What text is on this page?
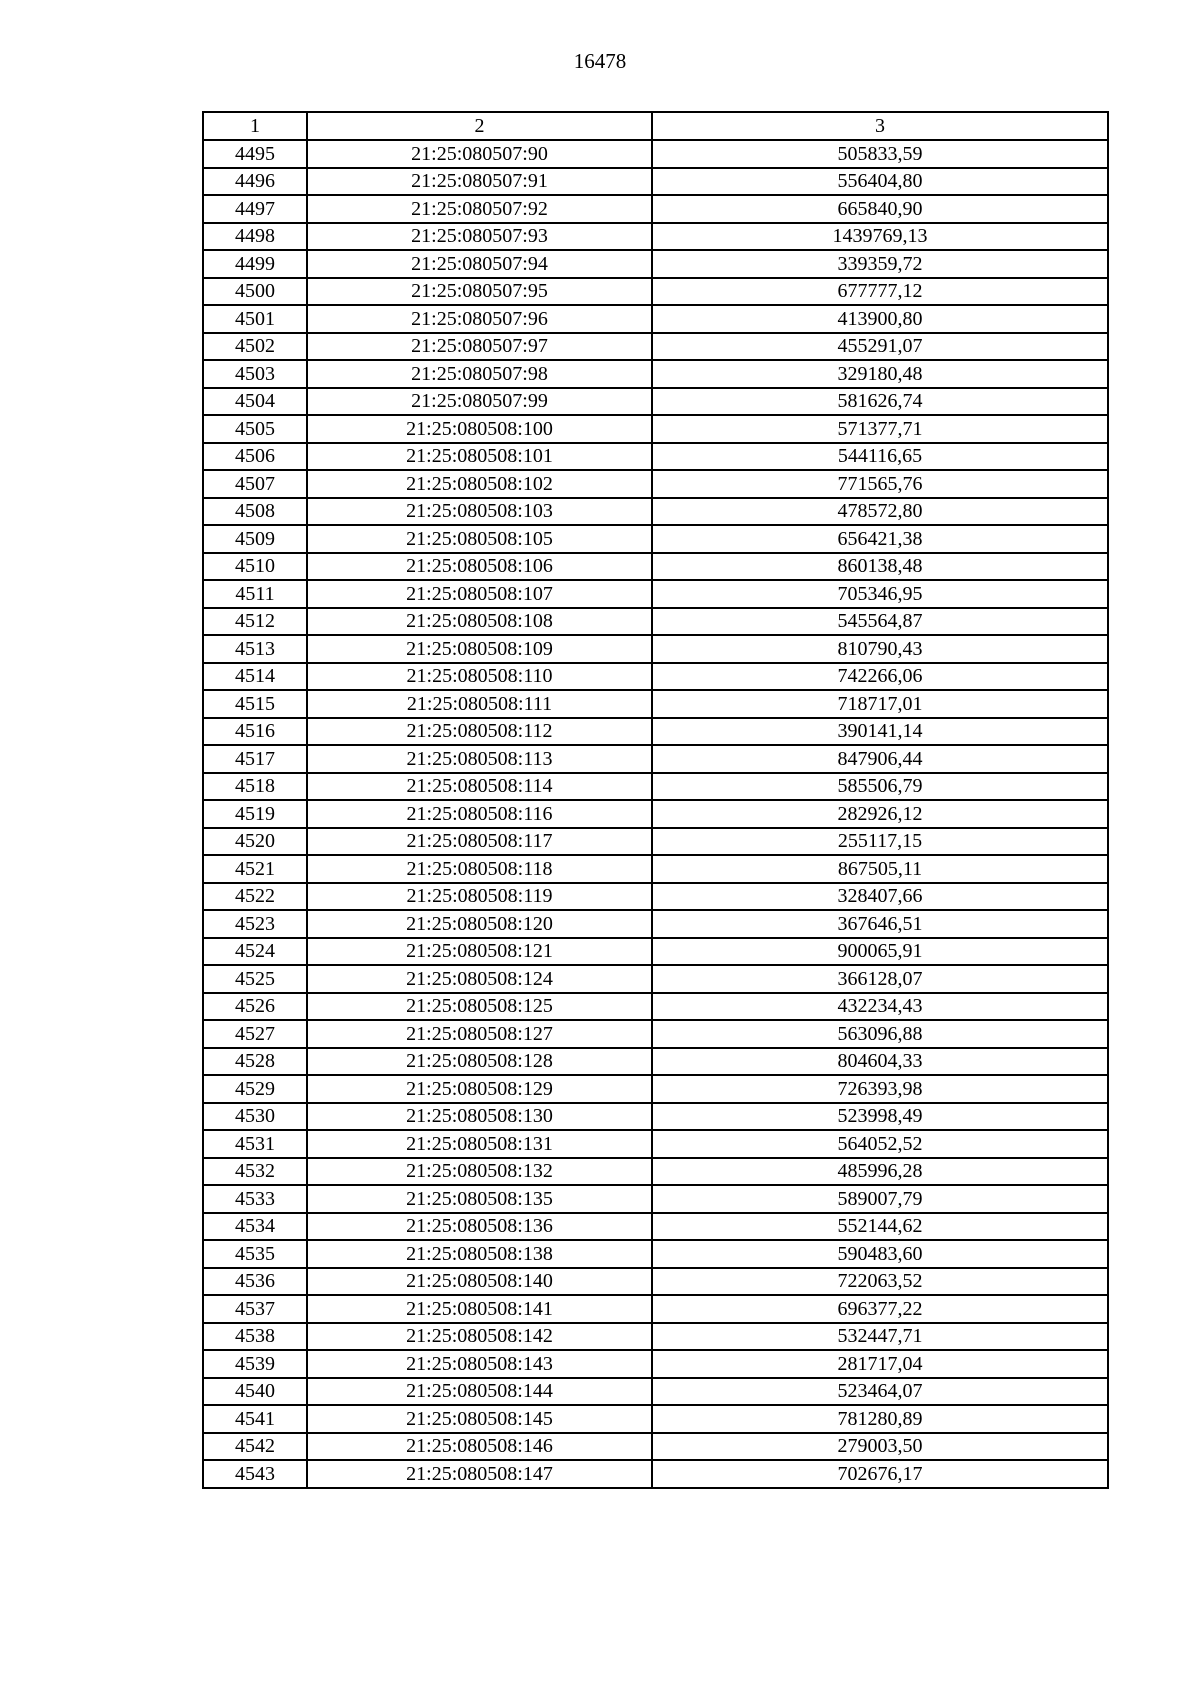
16478
1	2	3
4495	21:25:080507:90	505833,59
4496	21:25:080507:91	556404,80
4497	21:25:080507:92	665840,90
4498	21:25:080507:93	1439769,13
4499	21:25:080507:94	339359,72
4500	21:25:080507:95	677777,12
4501	21:25:080507:96	413900,80
4502	21:25:080507:97	455291,07
4503	21:25:080507:98	329180,48
4504	21:25:080507:99	581626,74
4505	21:25:080508:100	571377,71
4506	21:25:080508:101	544116,65
4507	21:25:080508:102	771565,76
4508	21:25:080508:103	478572,80
4509	21:25:080508:105	656421,38
4510	21:25:080508:106	860138,48
4511	21:25:080508:107	705346,95
4512	21:25:080508:108	545564,87
4513	21:25:080508:109	810790,43
4514	21:25:080508:110	742266,06
4515	21:25:080508:111	718717,01
4516	21:25:080508:112	390141,14
4517	21:25:080508:113	847906,44
4518	21:25:080508:114	585506,79
4519	21:25:080508:116	282926,12
4520	21:25:080508:117	255117,15
4521	21:25:080508:118	867505,11
4522	21:25:080508:119	328407,66
4523	21:25:080508:120	367646,51
4524	21:25:080508:121	900065,91
4525	21:25:080508:124	366128,07
4526	21:25:080508:125	432234,43
4527	21:25:080508:127	563096,88
4528	21:25:080508:128	804604,33
4529	21:25:080508:129	726393,98
4530	21:25:080508:130	523998,49
4531	21:25:080508:131	564052,52
4532	21:25:080508:132	485996,28
4533	21:25:080508:135	589007,79
4534	21:25:080508:136	552144,62
4535	21:25:080508:138	590483,60
4536	21:25:080508:140	722063,52
4537	21:25:080508:141	696377,22
4538	21:25:080508:142	532447,71
4539	21:25:080508:143	281717,04
4540	21:25:080508:144	523464,07
4541	21:25:080508:145	781280,89
4542	21:25:080508:146	279003,50
4543	21:25:080508:147	702676,17
